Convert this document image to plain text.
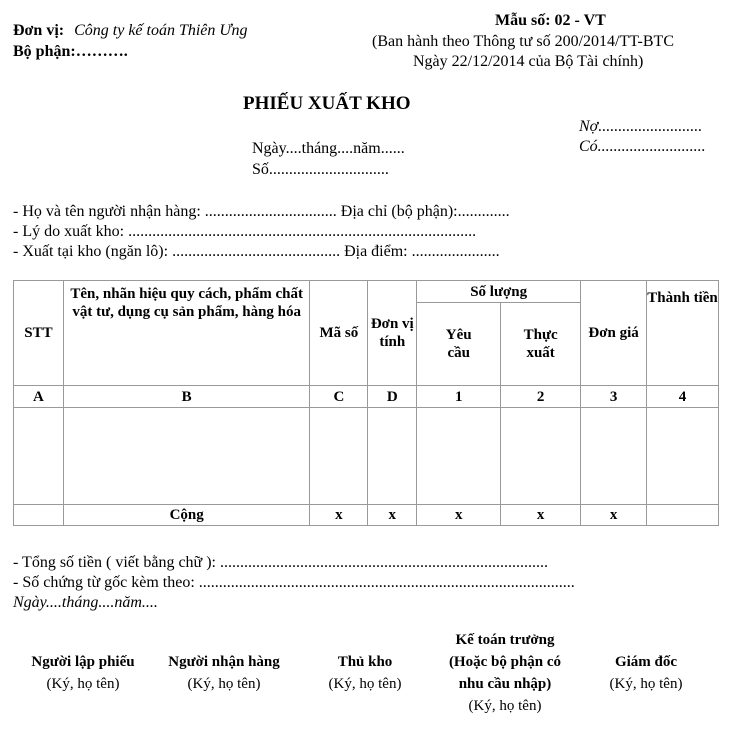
Đơn vị: Công ty kế toán Thiên Ưng
Bộ phận:……….
Mẫu số: 02 - VT
(Ban hành theo Thông tư số 200/2014/TT-BTC
Ngày 22/12/2014 của Bộ Tài chính)
PHIẾU XUẤT KHO
Nợ..........................
Có...........................
Ngày....tháng....năm......
Số..............................
- Họ và tên người nhận hàng: ................................. Địa chỉ (bộ phận):.............
- Lý do xuất kho: .......................................................................................
- Xuất tại kho (ngăn lô): .......................................... Địa điểm: ......................
STT	Tên, nhãn hiệu quy cách, phẩm chất vật tư, dụng cụ sản phẩm, hàng hóa	Mã số	Đơn vị tính	Số lượng		Đơn giá	Thành tiền
				Yêu cầu	Thực xuất		
A	B	C	D	1	2	3	4

	Cộng	x	x	x	x	x	
- Tổng số tiền ( viết bằng chữ ): ..................................................................................
- Số chứng từ gốc kèm theo: ..............................................................................................
Ngày....tháng....năm....
Người lập phiếu
(Ký, họ tên)
Người nhận hàng
(Ký, họ tên)
Thủ kho
(Ký, họ tên)
Kế toán trưởng
(Hoặc bộ phận có
nhu cầu nhập)
(Ký, họ tên)
Giám đốc
(Ký, họ tên)
